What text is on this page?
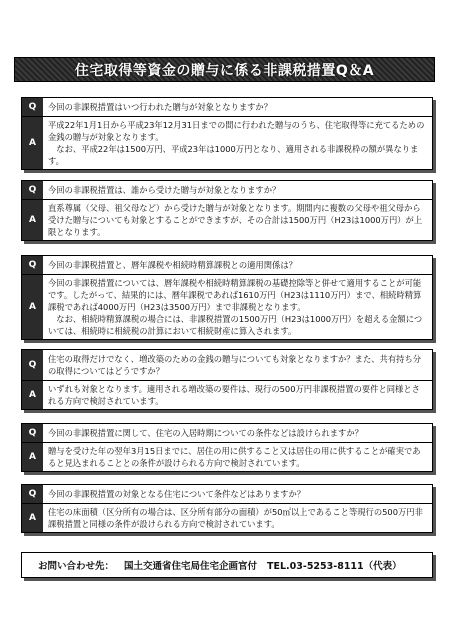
住宅取得等資金の贈与に係る非課税措置Q＆A
Q	今回の非課税措置はいつ行われた贈与が対象となりますか？
A
平成22年1月1日から平成23年12月31日までの間に行われた贈与のうち、住宅取得等に充てるための金銭の贈与が対象となります。
　なお、平成22年は1500万円、平成23年は1000万円となり、適用される非課税枠の額が異なります。
Q	今回の非課税措置は、誰から受けた贈与が対象となりますか？
A
直系尊属（父母、祖父母など）から受けた贈与が対象となります。期間内に複数の父母や祖父母から受けた贈与についても対象とすることができますが、その合計は1500万円（H23は1000万円）が上限となります。
Q	今回の非課税措置と、暦年課税や相続時精算課税との適用関係は？
A
今回の非課税措置については、暦年課税や相続時精算課税の基礎控除等と併せて適用することが可能です。したがって、結果的には、暦年課税であれば1610万円（H23は1110万円）まで、相続時精算課税であれば4000万円（H23は3500万円）まで非課税となります。
　なお、相続時精算課税の場合には、非課税措置の1500万円（H23は1000万円）を超える金額については、相続時に相続税の計算において相続財産に算入されます。
Q
住宅の取得だけでなく、増改築のための金銭の贈与についても対象となりますか？また、共有持ち分の取得についてはどうですか？
A
いずれも対象となります。適用される増改築の要件は、現行の500万円非課税措置の要件と同様とされる方向で検討されています。
Q	今回の非課税措置に関して、住宅の入居時期についての条件などは設けられますか？
A
贈与を受けた年の翌年3月15日までに、居住の用に供すること又は居住の用に供することが確実であると見込まれることとの条件が設けられる方向で検討されています。
Q	今回の非課税措置の対象となる住宅について条件などはありますか？
A
住宅の床面積（区分所有の場合は、区分所有部分の面積）が50㎡以上であること等現行の500万円非課税措置と同様の条件が設けられる方向で検討されています。
お問い合わせ先： 国土交通省住宅局住宅企画官付 TEL.03-5253-8111（代表）
